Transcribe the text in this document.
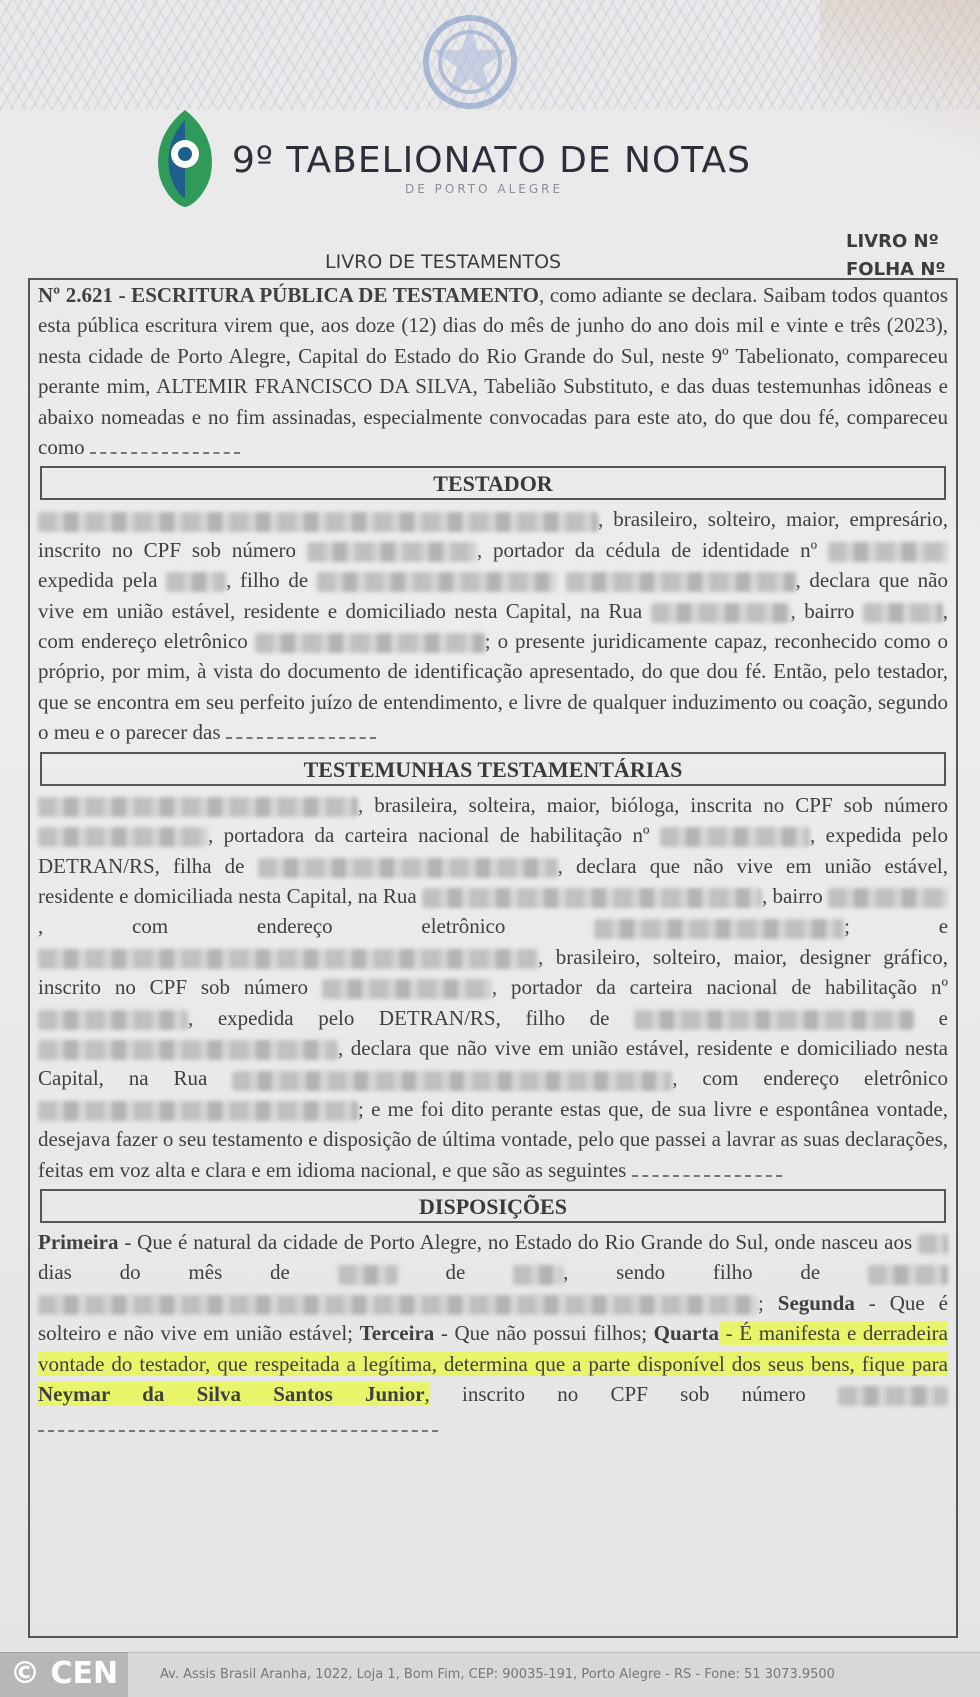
9º TABELIONATO DE NOTAS
DE PORTO ALEGRE
LIVRO DE TESTAMENTOS
LIVRO Nº
FOLHA Nº
Nº 2.621 - ESCRITURA PÚBLICA DE TESTAMENTO, como adiante se declara. Saibam todos quantos esta pública escritura virem que, aos doze (12) dias do mês de junho do ano dois mil e vinte e três (2023), nesta cidade de Porto Alegre, Capital do Estado do Rio Grande do Sul, neste 9º Tabelionato, compareceu perante mim, ALTEMIR FRANCISCO DA SILVA, Tabelião Substituto, e das duas testemunhas idôneas e abaixo nomeadas e no fim assinadas, especialmente convocadas para este ato, do que dou fé, compareceu como
TESTADOR
, brasileiro, solteiro, maior, empresário, inscrito no CPF sob número	, portador da cédula de identidade nº  expedida pela	, filho de	, declara que não vive em união estável, residente e domiciliado nesta Capital, na Rua	, bairro	, com endereço eletrônico	; o presente juridicamente capaz, reconhecido como o próprio, por mim, à vista do documento de identificação apresentado, do que dou fé. Então, pelo testador, que se encontra em seu perfeito juízo de entendimento, e livre de qualquer induzimento ou coação, segundo o meu e o parecer das
TESTEMUNHAS TESTAMENTÁRIAS
, brasileira, solteira, maior, bióloga, inscrita no CPF sob número , portadora da carteira nacional de habilitação nº	, expedida pelo DETRAN/RS, filha de	, declara que não vive em união estável, residente e domiciliada nesta Capital, na Rua	, bairro , com endereço eletrônico	; e , brasileiro, solteiro, maior, designer gráfico, inscrito no CPF sob número	, portador da carteira nacional de habilitação nº , expedida pelo DETRAN/RS, filho de	e , declara que não vive em união estável, residente e domiciliado nesta Capital, na Rua	, com endereço eletrônico ; e me foi dito perante estas que, de sua livre e espontânea vontade, desejava fazer o seu testamento e disposição de última vontade, pelo que passei a lavrar as suas declarações, feitas em voz alta e clara e em idioma nacional, e que são as seguintes
DISPOSIÇÕES
Primeira - Que é natural da cidade de Porto Alegre, no Estado do Rio Grande do Sul, onde nasceu aos  dias do mês de	de	, sendo filho de  ; Segunda - Que é solteiro e não vive em união estável; Terceira - Que não possui filhos; Quarta - É manifesta e derradeira vontade do testador, que respeitada a legítima, determina que a parte disponível dos seus bens, fique para Neymar da Silva Santos Junior, inscrito no CPF sob número
Av. Assis Brasil Aranha, 1022, Loja 1, Bom Fim, CEP: 90035-191, Porto Alegre - RS - Fone: 51 3073.9500
© CEN
